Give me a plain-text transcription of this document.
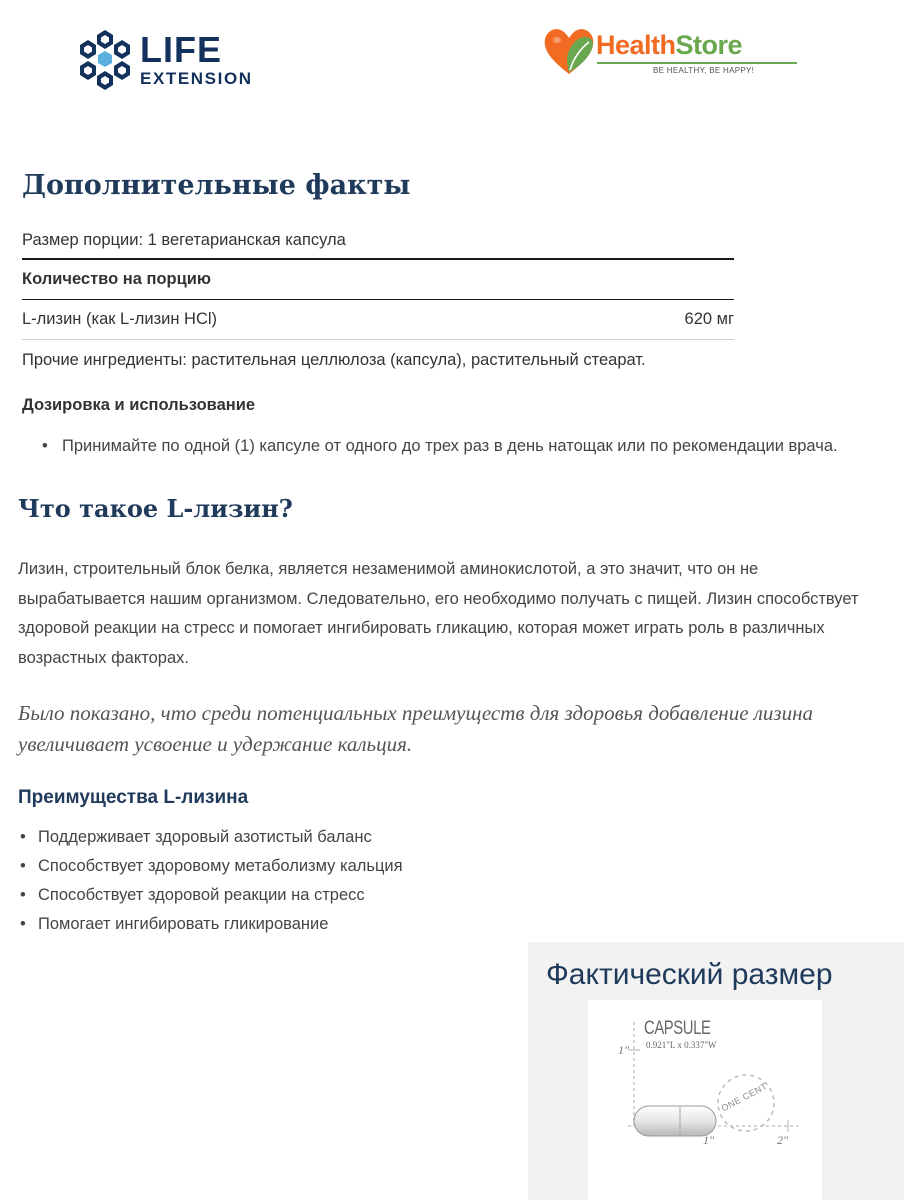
LIFE
EXTENSION
HealthStore
BE HEALTHY, BE HAPPY!
Дополнительные факты
Размер порции: 1 вегетарианская капсула
Количество на порцию
L-лизин (как L-лизин HCl)	620 мг
Прочие ингредиенты: растительная целлюлоза (капсула), растительный стеарат.
Дозировка и использование
• Принимайте по одной (1) капсуле от одного до трех раз в день натощак или по рекомендации врача.
Что такое L-лизин?

Лизин, строительный блок белка, является незаменимой аминокислотой, а это значит, что он не вырабатывается нашим организмом. Следовательно, его необходимо получать с пищей. Лизин способствует здоровой реакции на стресс и помогает ингибировать гликацию, которая может играть роль в различных возрастных факторах.

Было показано, что среди потенциальных преимуществ для здоровья добавление лизина увеличивает усвоение и удержание кальция.

Преимущества L-лизина
• Поддерживает здоровый азотистый баланс
• Способствует здоровому метаболизму кальция
• Способствует здоровой реакции на стресс
• Помогает ингибировать гликирование
Фактический размер
CAPSULE
0.921"L x 0.337"W
1"
1"	2"
ONE CENT
